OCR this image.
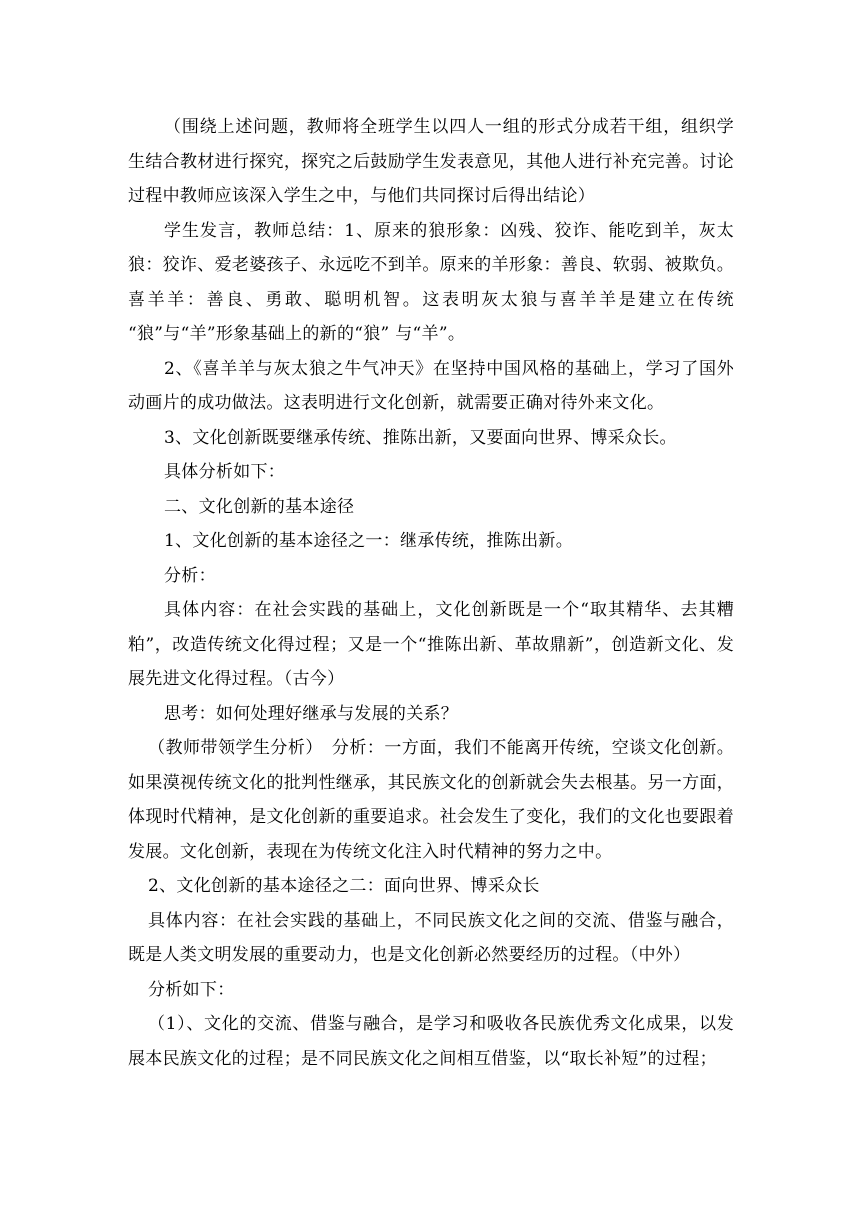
（围绕上述问题，教师将全班学生以四人一组的形式分成若干组，组织学生结合教材进行探究，探究之后鼓励学生发表意见，其他人进行补充完善。讨论过程中教师应该深入学生之中，与他们共同探讨后得出结论）

学生发言，教师总结：1、原来的狼形象：凶残、狡诈、能吃到羊，灰太狼：狡诈、爱老婆孩子、永远吃不到羊。原来的羊形象：善良、软弱、被欺负。喜羊羊：善良、勇敢、聪明机智。这表明灰太狼与喜羊羊是建立在传统 “狼”与“羊”形象基础上的新的“狼” 与“羊”。

2、《喜羊羊与灰太狼之牛气冲天》在坚持中国风格的基础上，学习了国外动画片的成功做法。这表明进行文化创新，就需要正确对待外来文化。

3、文化创新既要继承传统、推陈出新，又要面向世界、博采众长。

具体分析如下：

二、文化创新的基本途径

1、文化创新的基本途径之一：继承传统，推陈出新。

分析：

具体内容：在社会实践的基础上，文化创新既是一个“取其精华、去其糟粕”，改造传统文化得过程；又是一个“推陈出新、革故鼎新”，创造新文化、发展先进文化得过程。（古今）

思考：如何处理好继承与发展的关系？

（教师带领学生分析）　分析：一方面，我们不能离开传统，空谈文化创新。如果漠视传统文化的批判性继承，其民族文化的创新就会失去根基。另一方面，体现时代精神，是文化创新的重要追求。社会发生了变化，我们的文化也要跟着发展。文化创新，表现在为传统文化注入时代精神的努力之中。

2、文化创新的基本途径之二：面向世界、博采众长

具体内容：在社会实践的基础上，不同民族文化之间的交流、借鉴与融合，既是人类文明发展的重要动力，也是文化创新必然要经历的过程。（中外）

分析如下：

（1）、文化的交流、借鉴与融合，是学习和吸收各民族优秀文化成果，以发展本民族文化的过程；是不同民族文化之间相互借鉴，以“取长补短”的过程；
